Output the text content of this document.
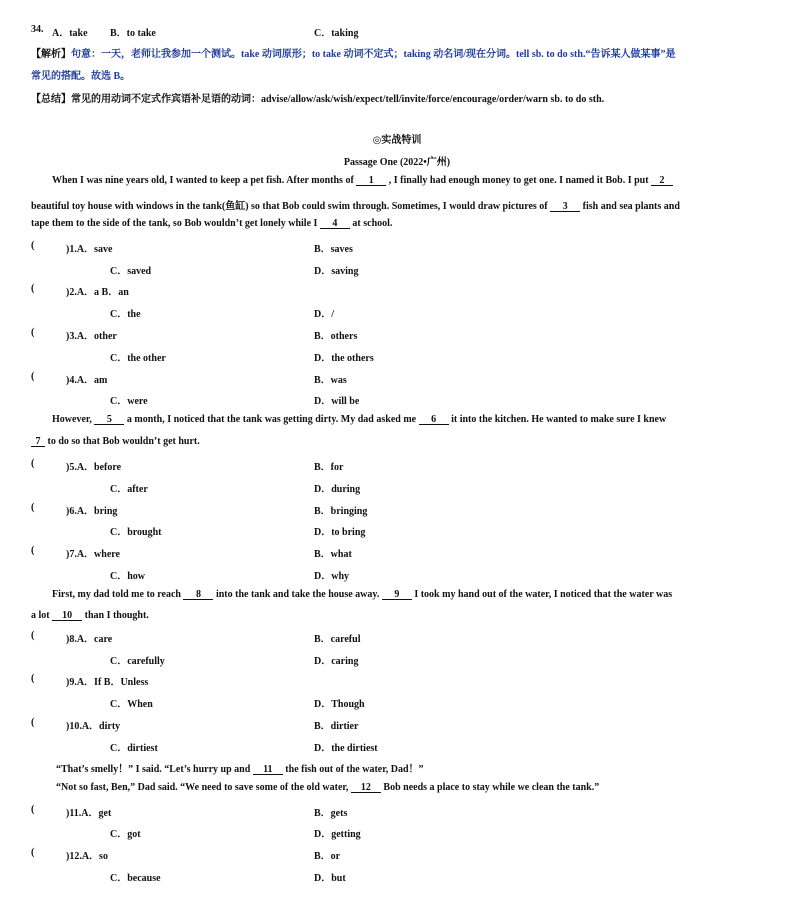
34. A．take B．to take	C．taking
【解析】句意：一天，老师让我参加一个测试。take 动词原形；to take 动词不定式；taking 动名词/现在分词。tell sb. to do sth.“告诉某人做某事”是
常见的搭配。故选 B。
【总结】常见的用动词不定式作宾语补足语的动词：advise/allow/ask/wish/expect/tell/invite/force/encourage/order/warn sb. to do sth.
◎实战特训
Passage One (2022•广州)
When I was nine years old, I wanted to keep a pet fish. After months of 1 , I finally had enough money to get one. I named it Bob. I put 2
beautiful toy house with windows in the tank(鱼缸) so that Bob could swim through. Sometimes, I would draw pictures of 3 fish and sea plants and
tape them to the side of the tank, so Bob wouldn’t get lonely while I 4 at school.
(	)1.A．save	B．saves
C．saved	D．saving
(	)2.A．a B．an
C．the	D．/
(	)3.A．other	B．others
C．the other	D．the others
(	)4.A．am	B．was
C．were	D．will be
However, 5 a month, I noticed that the tank was getting dirty. My dad asked me 6 it into the kitchen. He wanted to make sure I knew
7 to do so that Bob wouldn’t get hurt.
(	)5.A．before	B．for
C．after	D．during
(	)6.A．bring	B．bringing
C．brought	D．to bring
(	)7.A．where	B．what
C．how	D．why
First, my dad told me to reach 8 into the tank and take the house away. 9 I took my hand out of the water, I noticed that the water was
a lot 10 than I thought.
(	)8.A．care	B．careful
C．carefully	D．caring
(	)9.A．If B．Unless
C．When	D．Though
(	)10.A．dirty	B．dirtier
C．dirtiest	D．the dirtiest
“That’s smelly！” I said. “Let’s hurry up and 11 the fish out of the water, Dad！”
“Not so fast, Ben,” Dad said. “We need to save some of the old water, 12 Bob needs a place to stay while we clean the tank.”
(	)11.A．get	B．gets
C．got	D．getting
(	)12.A．so	B．or
C．because	D．but
